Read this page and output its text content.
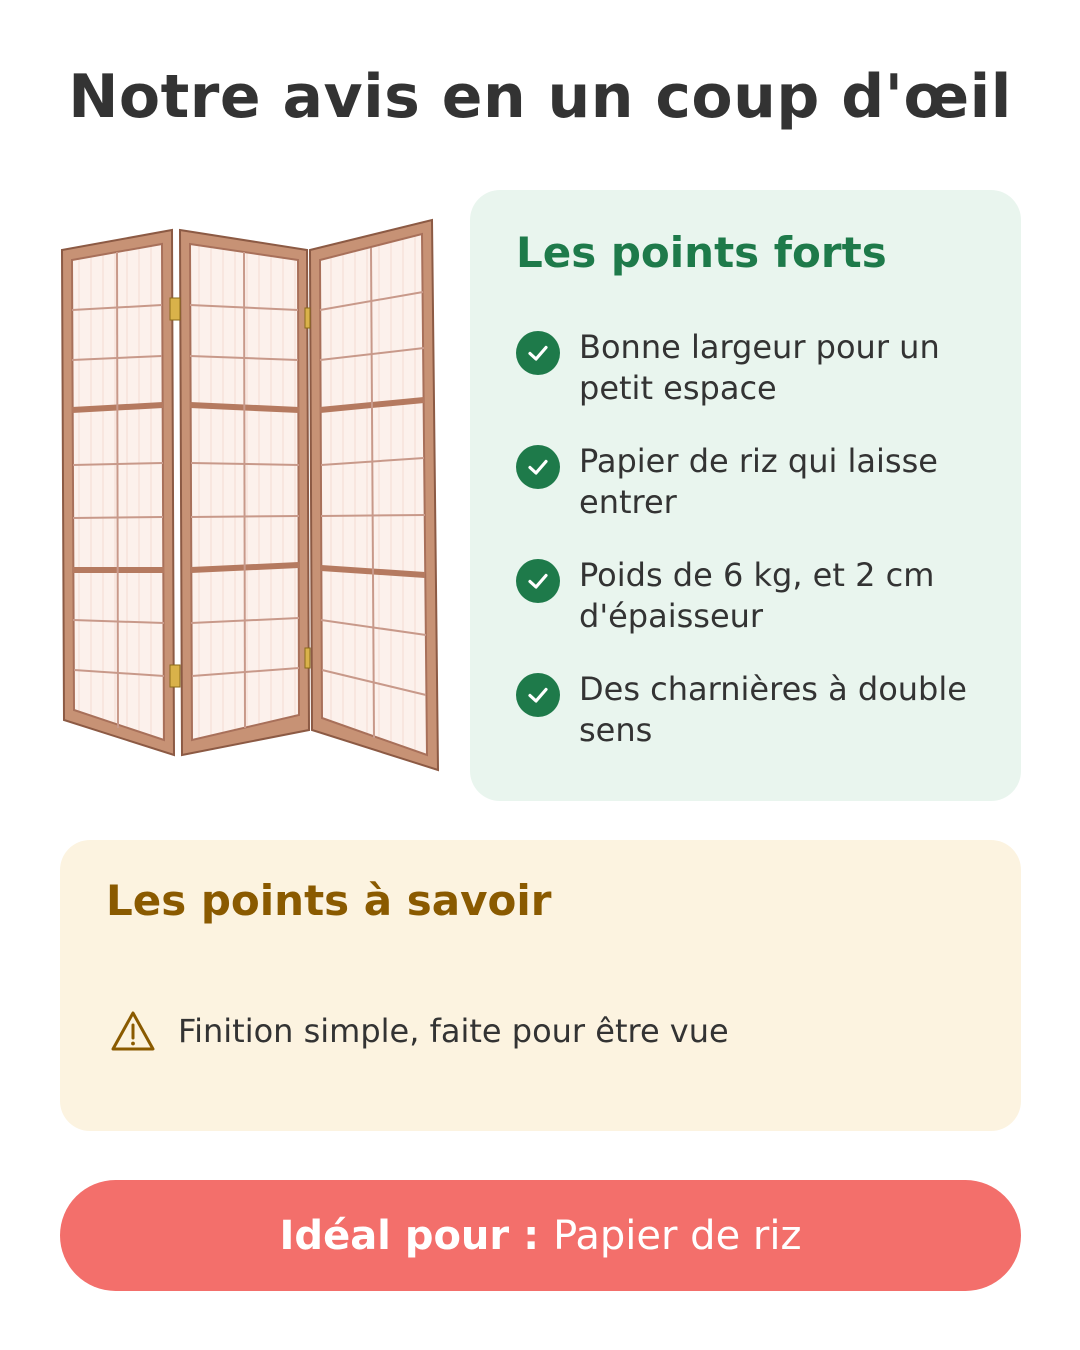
Notre avis en un coup d'œil
Les points forts
Bonne largeur pour un petit espace
Papier de riz qui laisse entrer
Poids de 6 kg, et 2 cm d'épaisseur
Des charnières à double sens
Les points à savoir
Finition simple, faite pour être vue
Idéal pour : Papier de riz
